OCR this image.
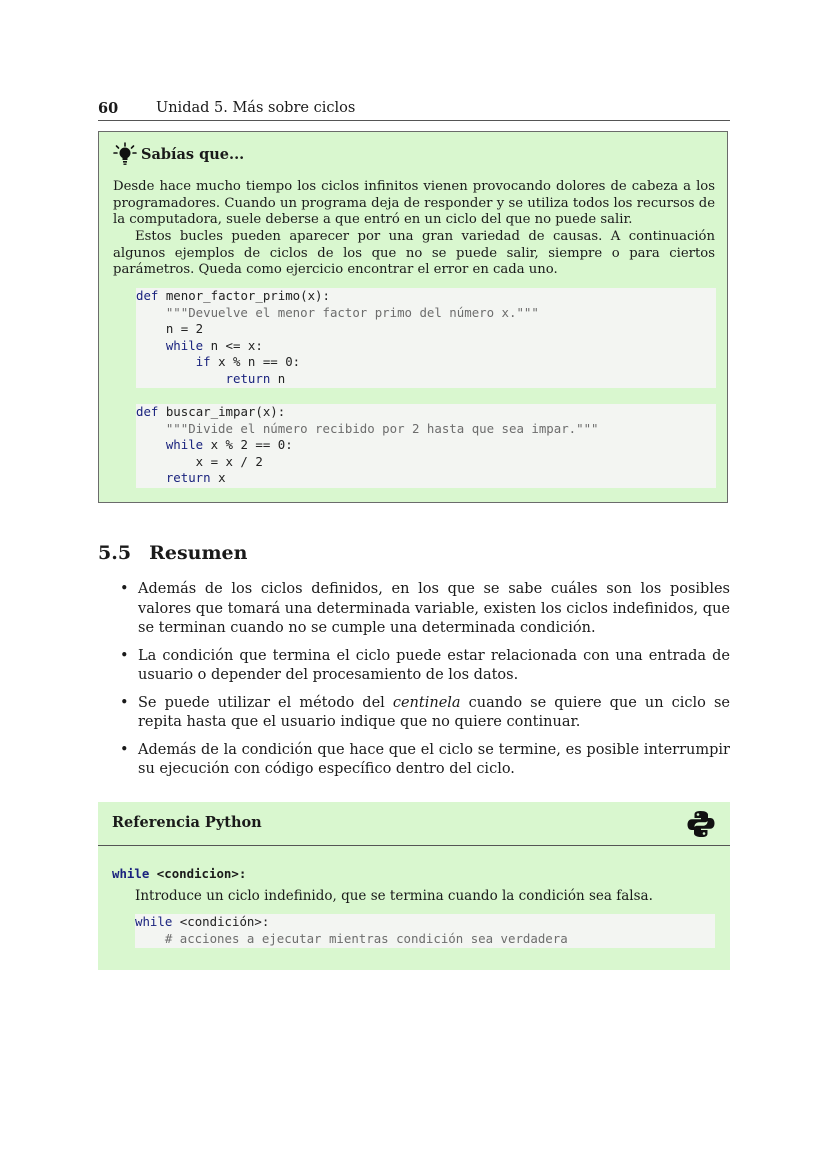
60	Unidad 5. Más sobre ciclos
Sabías que...
Desde hace mucho tiempo los ciclos infinitos vienen provocando dolores de cabeza a los programadores. Cuando un programa deja de responder y se utiliza todos los recursos de la computadora, suele deberse a que entró en un ciclo del que no puede salir.
Estos bucles pueden aparecer por una gran variedad de causas. A continuación algunos ejemplos de ciclos de los que no se puede salir, siempre o para ciertos parámetros. Queda como ejercicio encontrar el error en cada uno.
def menor_factor_primo(x):
"""Devuelve el menor factor primo del número x."""
n = 2
while n <= x:
if x % n == 0:
return n
def buscar_impar(x):
"""Divide el número recibido por 2 hasta que sea impar."""
while x % 2 == 0:
x = x / 2
return x
5.5 Resumen
• Además de los ciclos definidos, en los que se sabe cuáles son los posibles valores que tomará una determinada variable, existen los ciclos indefinidos, que se terminan cuando no se cumple una determinada condición.
• La condición que termina el ciclo puede estar relacionada con una entrada de usuario o depender del procesamiento de los datos.
• Se puede utilizar el método del centinela cuando se quiere que un ciclo se repita hasta que el usuario indique que no quiere continuar.
• Además de la condición que hace que el ciclo se termine, es posible interrumpir su ejecución con código específico dentro del ciclo.
Referencia Python
while <condicion>:
Introduce un ciclo indefinido, que se termina cuando la condición sea falsa.
while <condición>:
# acciones a ejecutar mientras condición sea verdadera
